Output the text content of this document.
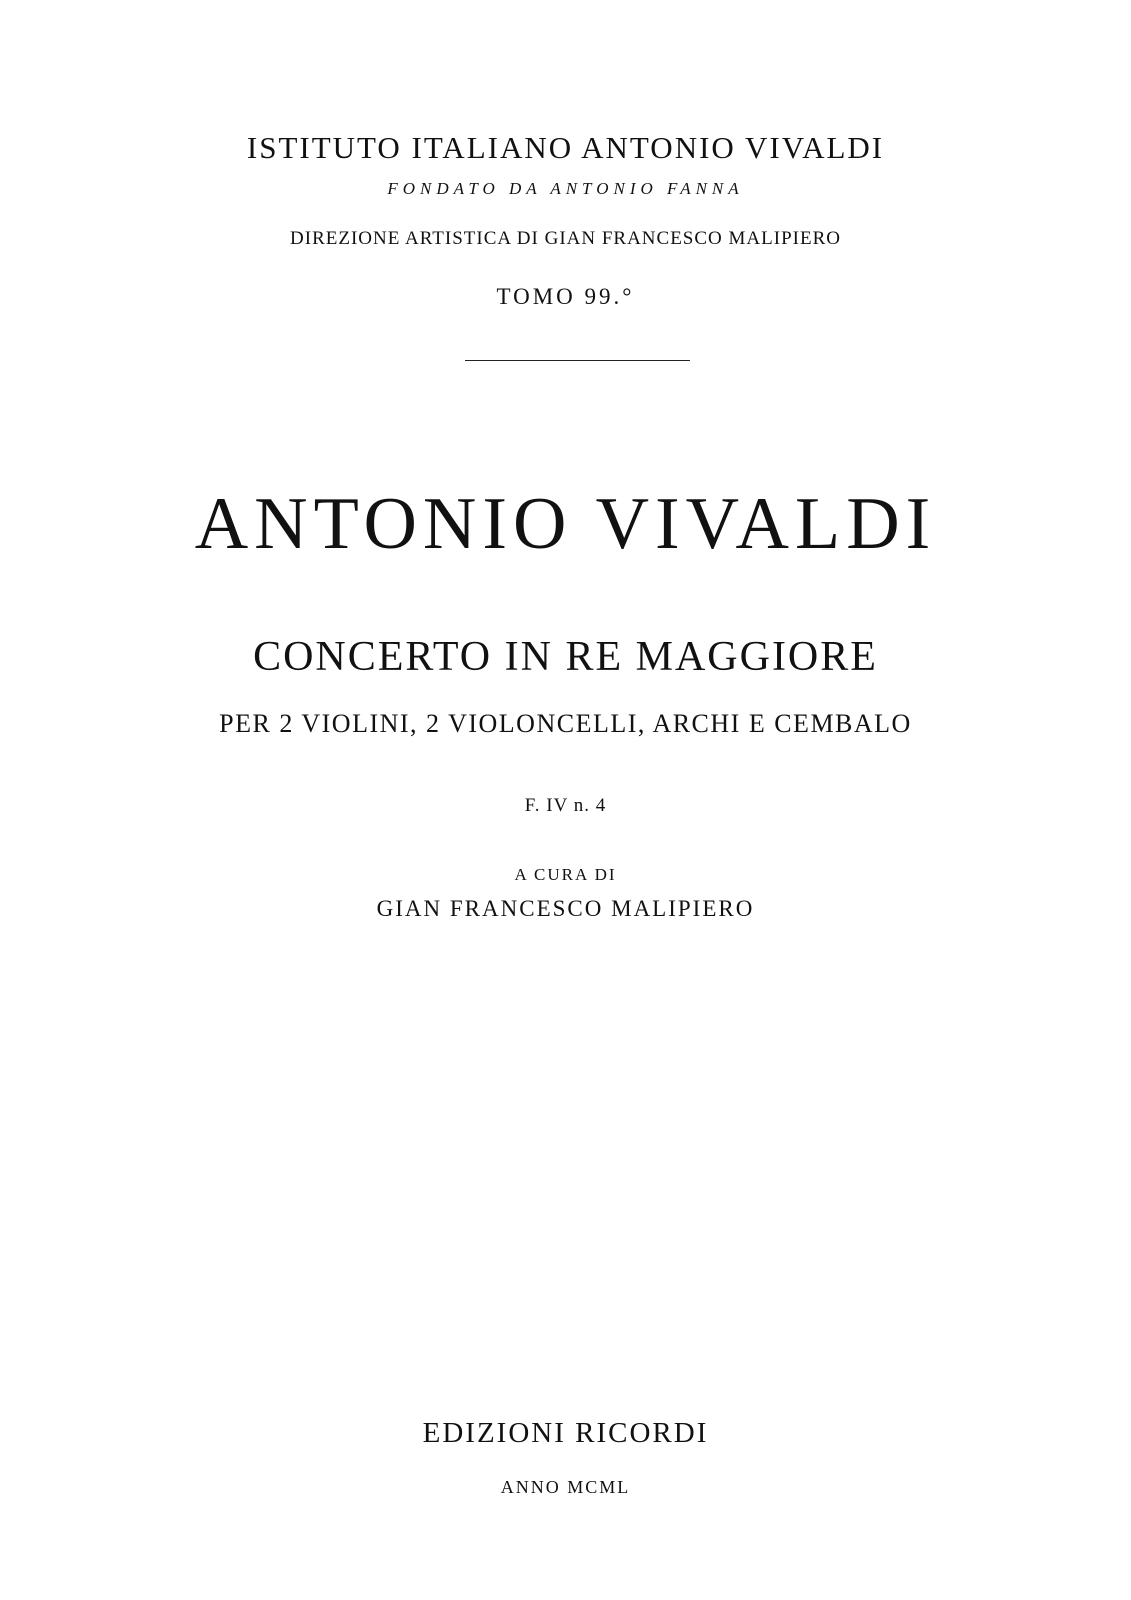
ISTITUTO ITALIANO ANTONIO VIVALDI
FONDATO DA ANTONIO FANNA
DIREZIONE ARTISTICA DI GIAN FRANCESCO MALIPIERO
TOMO 99.°
ANTONIO VIVALDI
CONCERTO IN RE MAGGIORE
PER 2 VIOLINI, 2 VIOLONCELLI, ARCHI E CEMBALO
F. IV n. 4
A CURA DI
GIAN FRANCESCO MALIPIERO
EDIZIONI RICORDI
ANNO MCML
